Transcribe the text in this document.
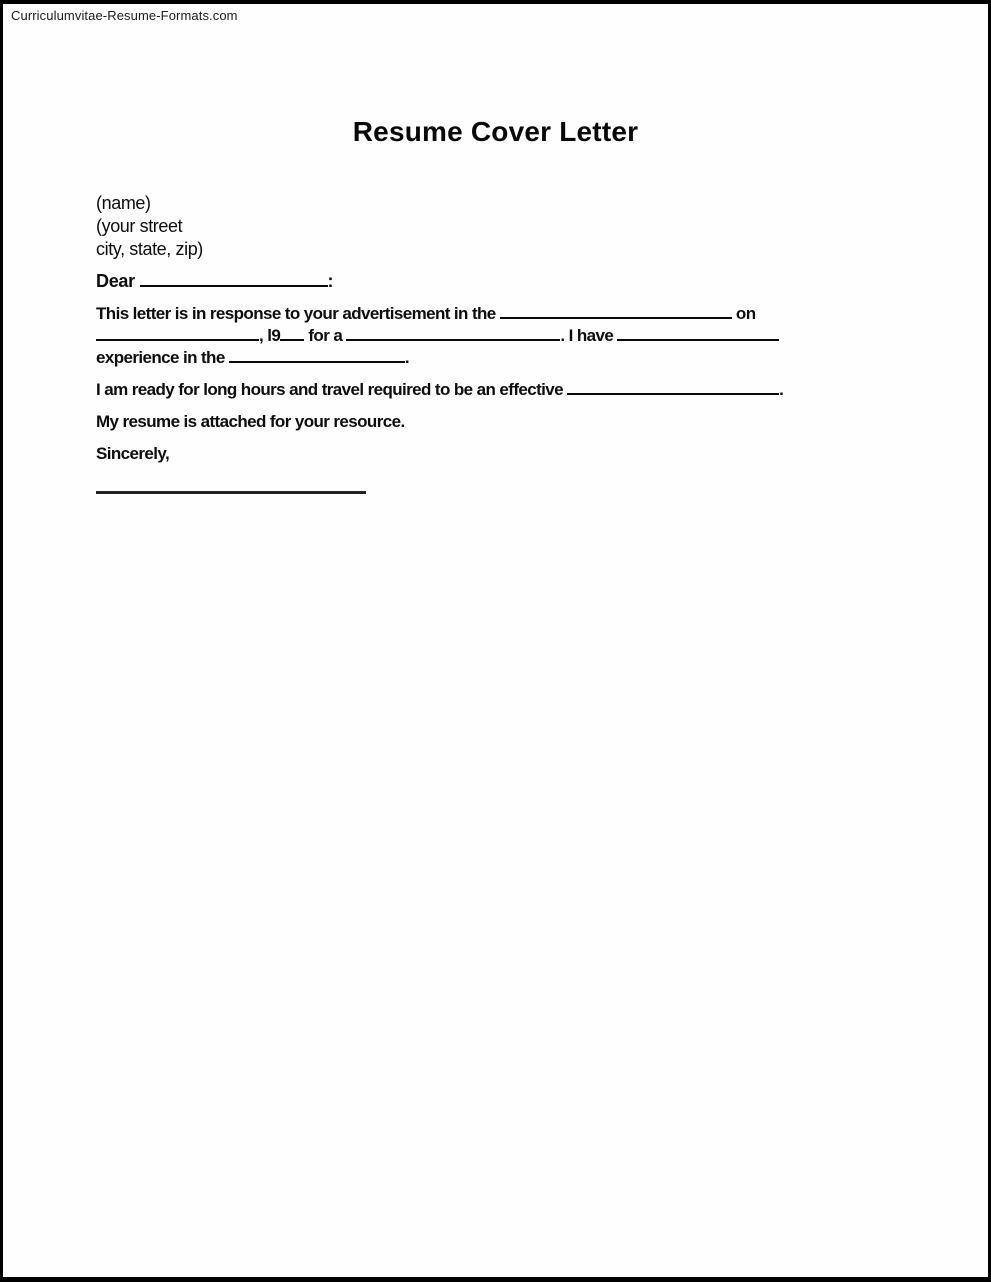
Curriculumvitae-Resume-Formats.com
Resume Cover Letter
(name)
(your street
city, state, zip)
Dear	:
This letter is in response to your advertisement in the	on
, l9 for a	. I have
experience in the	.
I am ready for long hours and travel required to be an effective	.
My resume is attached for your resource.
Sincerely,
